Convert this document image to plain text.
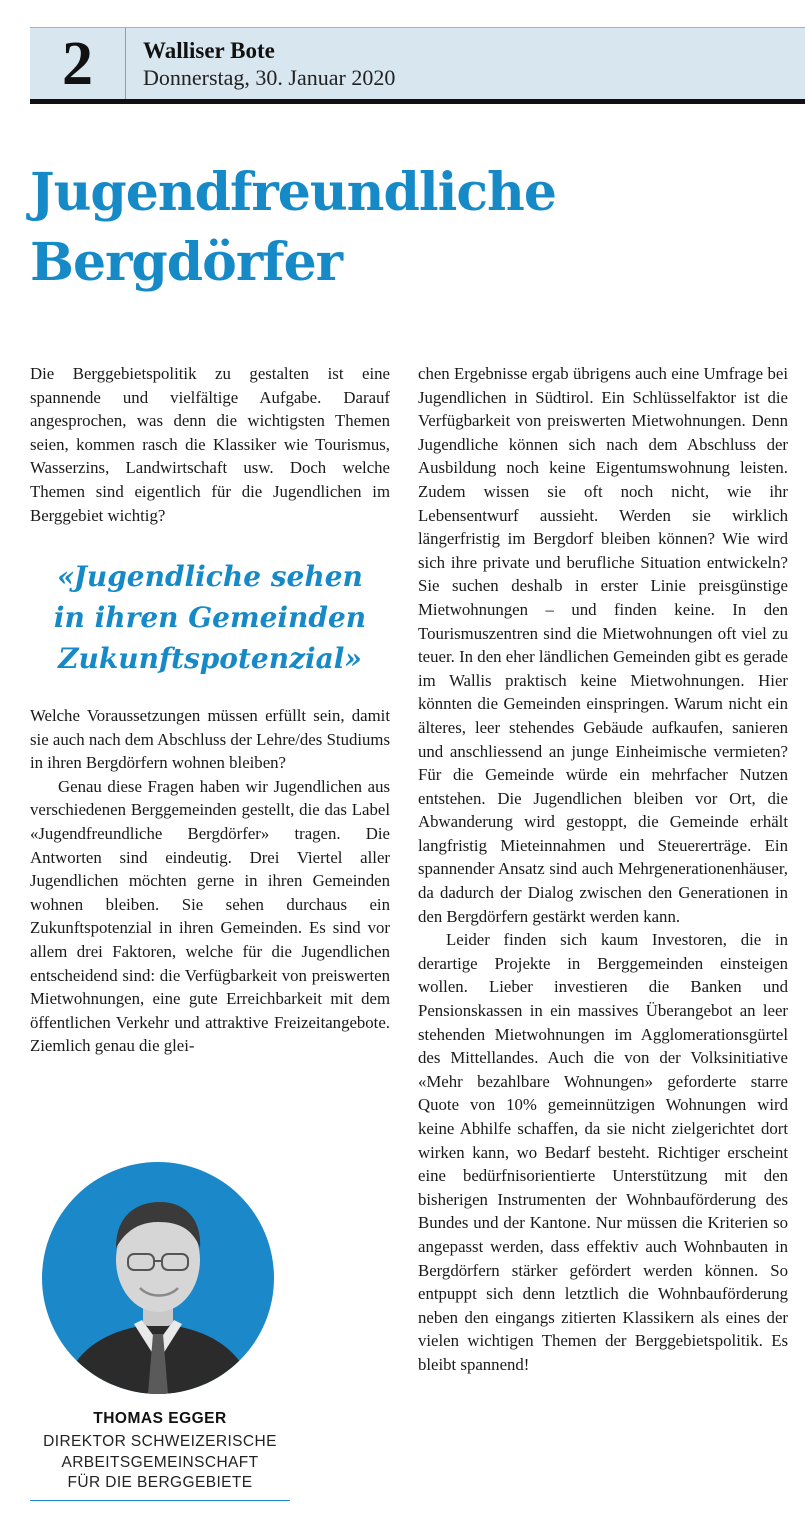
2	Walliser Bote
Donnerstag, 30. Januar 2020
Jugendfreundliche
Bergdörfer

Die Berggebietspolitik zu gestalten ist eine spannende und vielfältige Aufgabe. Darauf angesprochen, was denn die wichtigsten Themen seien, kommen rasch die Klassiker wie Tourismus, Wasserzins, Landwirtschaft usw. Doch welche Themen sind eigentlich für die Jugendlichen im Berggebiet wichtig?

«Jugendliche sehen
in ihren Gemeinden
Zukunftspotenzial»

Welche Voraussetzungen müssen erfüllt sein, damit sie auch nach dem Abschluss der Lehre/des Studiums in ihren Bergdörfern wohnen bleiben?

Genau diese Fragen haben wir Jugendlichen aus verschiedenen Berggemeinden gestellt, die das Label «Jugendfreundliche Bergdörfer» tragen. Die Antworten sind eindeutig. Drei Viertel aller Jugendlichen möchten gerne in ihren Gemeinden wohnen bleiben. Sie sehen durchaus ein Zukunftspotenzial in ihren Gemeinden. Es sind vor allem drei Faktoren, welche für die Jugendlichen entscheidend sind: die Verfügbarkeit von preiswerten Mietwohnungen, eine gute Erreichbarkeit mit dem öffentlichen Verkehr und attraktive Freizeitangebote. Ziemlich genau die glei-

chen Ergebnisse ergab übrigens auch eine Umfrage bei Jugendlichen in Südtirol. Ein Schlüsselfaktor ist die Verfügbarkeit von preiswerten Mietwohnungen. Denn Jugendliche können sich nach dem Abschluss der Ausbildung noch keine Eigentumswohnung leisten. Zudem wissen sie oft noch nicht, wie ihr Lebensentwurf aussieht. Werden sie wirklich längerfristig im Bergdorf bleiben können? Wie wird sich ihre private und berufliche Situation entwickeln? Sie suchen deshalb in erster Linie preisgünstige Mietwohnungen – und finden keine. In den Tourismuszentren sind die Mietwohnungen oft viel zu teuer. In den eher ländlichen Gemeinden gibt es gerade im Wallis praktisch keine Mietwohnungen. Hier könnten die Gemeinden einspringen. Warum nicht ein älteres, leer stehendes Gebäude aufkaufen, sanieren und anschliessend an junge Einheimische vermieten? Für die Gemeinde würde ein mehrfacher Nutzen entstehen. Die Jugendlichen bleiben vor Ort, die Abwanderung wird gestoppt, die Gemeinde erhält langfristig Mieteinnahmen und Steuererträge. Ein spannender Ansatz sind auch Mehrgenerationenhäuser, da dadurch der Dialog zwischen den Generationen in den Bergdörfern gestärkt werden kann.

Leider finden sich kaum Investoren, die in derartige Projekte in Berggemeinden einsteigen wollen. Lieber investieren die Banken und Pensionskassen in ein massives Überangebot an leer stehenden Mietwohnungen im Agglomerationsgürtel des Mittellandes. Auch die von der Volksinitiative «Mehr bezahlbare Wohnungen» geforderte starre Quote von 10% gemeinnützigen Wohnungen wird keine Abhilfe schaffen, da sie nicht zielgerichtet dort wirken kann, wo Bedarf besteht. Richtiger erscheint eine bedürfnisorientierte Unterstützung mit den bisherigen Instrumenten der Wohnbauförderung des Bundes und der Kantone. Nur müssen die Kriterien so angepasst werden, dass effektiv auch Wohnbauten in Bergdörfern stärker gefördert werden können. So entpuppt sich denn letztlich die Wohnbauförderung neben den eingangs zitierten Klassikern als eines der vielen wichtigen Themen der Berggebietspolitik. Es bleibt spannend!

THOMAS EGGER

DIREKTOR SCHWEIZERISCHE
ARBEITSGEMEINSCHAFT
FÜR DIE BERGGEBIETE
